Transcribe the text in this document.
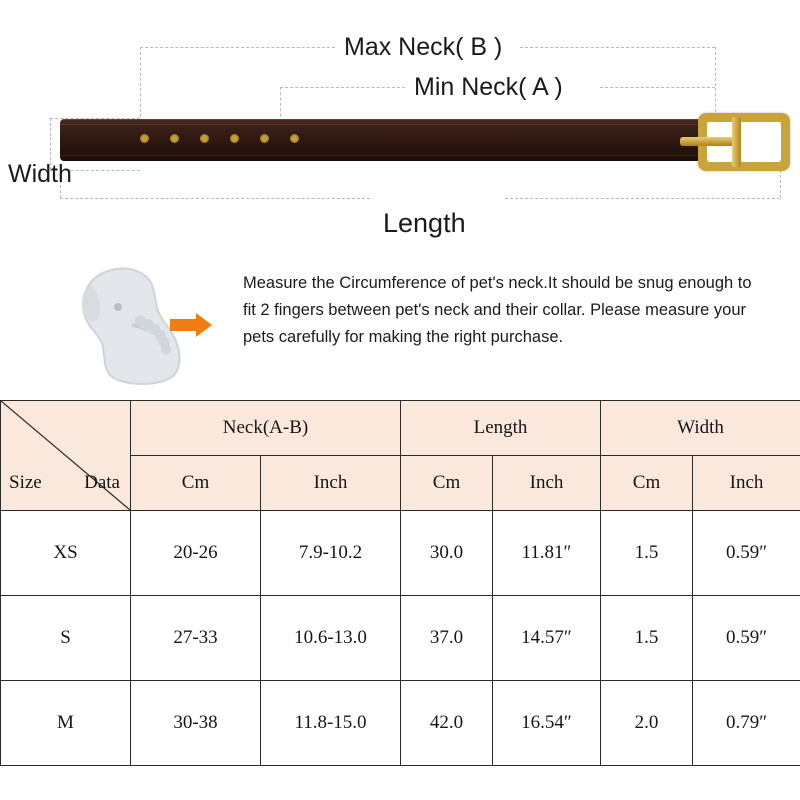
Max Neck( B )
Min Neck( A )
Width
Length
Measure the Circumference of pet's neck.It should be snug enough to fit 2 fingers between pet's neck and their collar. Please measure your pets carefully for making the right purchase.
Size Data	Neck(A-B)		Length		Width	
	Cm	Inch	Cm	Inch	Cm	Inch
XS	20-26	7.9-10.2	30.0	11.81″	1.5	0.59″
S	27-33	10.6-13.0	37.0	14.57″	1.5	0.59″
M	30-38	11.8-15.0	42.0	16.54″	2.0	0.79″
